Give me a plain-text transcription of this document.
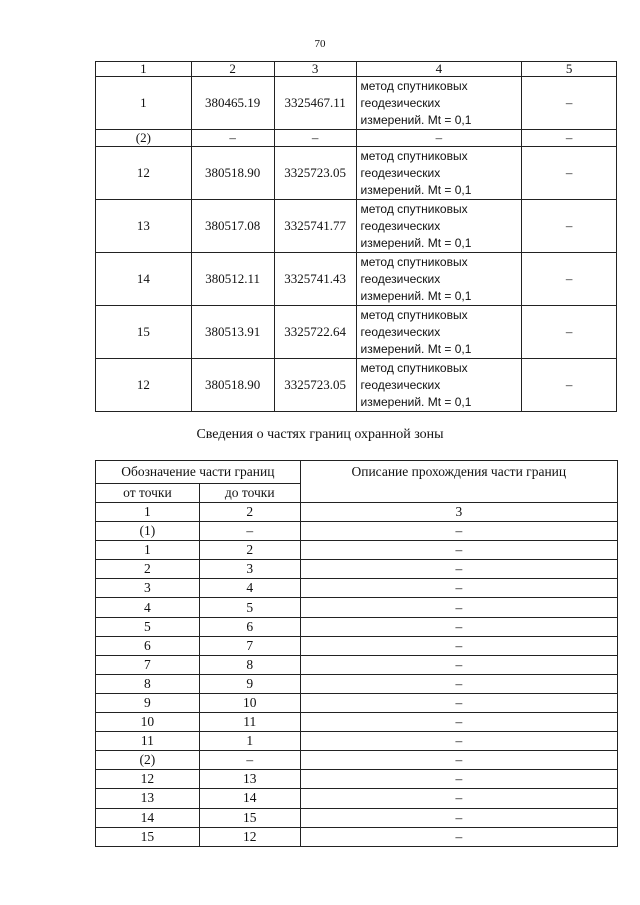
70
1	2	3	4	5
1	380465.19	3325467.11	метод спутниковых
геодезических
измерений. Mt = 0,1	–
(2)	–	–	–	–
12	380518.90	3325723.05	метод спутниковых
геодезических
измерений. Mt = 0,1	–
13	380517.08	3325741.77	метод спутниковых
геодезических
измерений. Mt = 0,1	–
14	380512.11	3325741.43	метод спутниковых
геодезических
измерений. Mt = 0,1	–
15	380513.91	3325722.64	метод спутниковых
геодезических
измерений. Mt = 0,1	–
12	380518.90	3325723.05	метод спутниковых
геодезических
измерений. Mt = 0,1	–
Сведения о частях границ охранной зоны
Обозначение части границ		Описание прохождения части границ
от точки	до точки	
1	2	3
(1)	–	–
1	2	–
2	3	–
3	4	–
4	5	–
5	6	–
6	7	–
7	8	–
8	9	–
9	10	–
10	11	–
11	1	–
(2)	–	–
12	13	–
13	14	–
14	15	–
15	12	–
